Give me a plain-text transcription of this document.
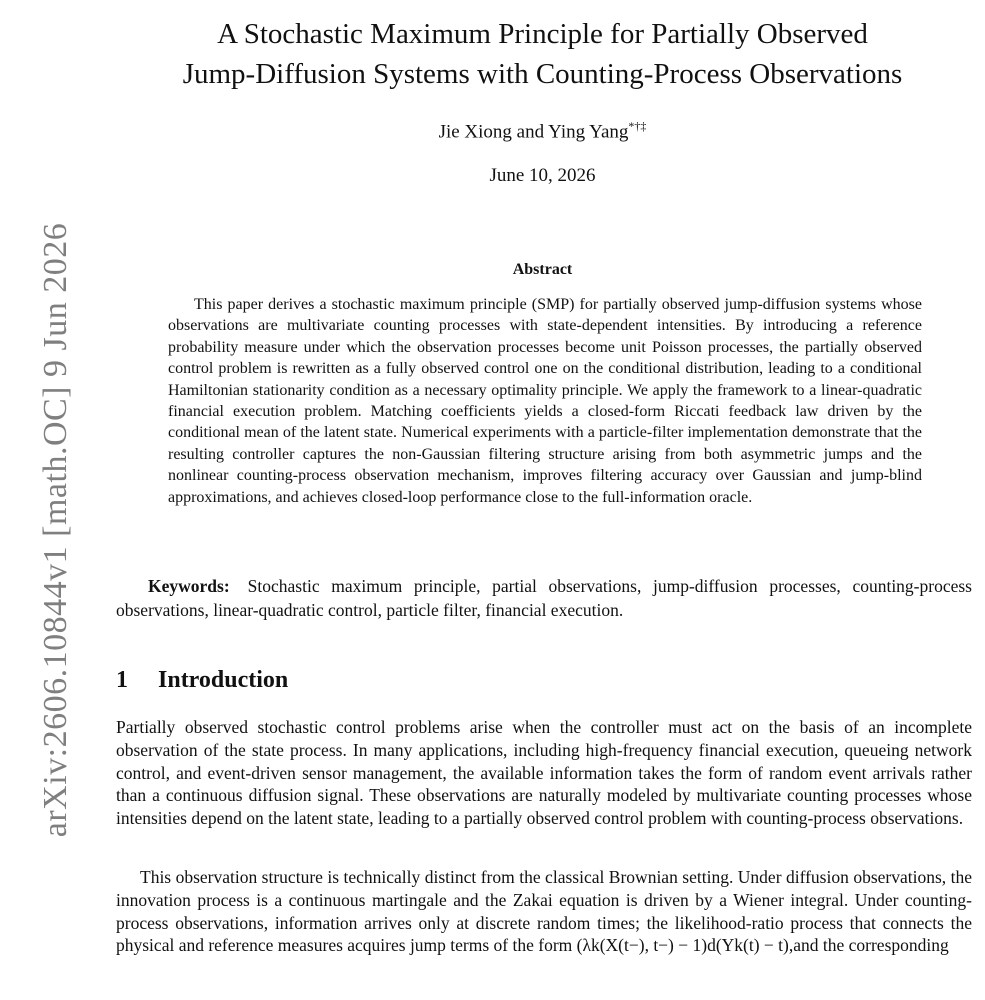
arXiv:2606.10844v1 [math.OC] 9 Jun 2026
A Stochastic Maximum Principle for Partially Observed
Jump-Diffusion Systems with Counting-Process Observations
Jie Xiong and Ying Yang*†‡
June 10, 2026
Abstract

This paper derives a stochastic maximum principle (SMP) for partially observed jump-diffusion systems whose observations are multivariate counting processes with state-dependent intensities. By introducing a reference probability measure under which the observation processes become unit Poisson processes, the partially observed control problem is rewritten as a fully observed control one on the conditional distribution, leading to a conditional Hamiltonian stationarity condition as a necessary optimality principle. We apply the framework to a linear-quadratic financial execution problem. Matching coefficients yields a closed-form Riccati feedback law driven by the conditional mean of the latent state. Numerical experiments with a particle-filter implementation demonstrate that the resulting controller captures the non-Gaussian filtering structure arising from both asymmetric jumps and the nonlinear counting-process observation mechanism, improves filtering accuracy over Gaussian and jump-blind approximations, and achieves closed-loop performance close to the full-information oracle.

Keywords: Stochastic maximum principle, partial observations, jump-diffusion processes, counting-process observations, linear-quadratic control, particle filter, financial execution.

1 Introduction

Partially observed stochastic control problems arise when the controller must act on the basis of an incomplete observation of the state process. In many applications, including high-frequency financial execution, queueing network control, and event-driven sensor management, the available information takes the form of random event arrivals rather than a continuous diffusion signal. These observations are naturally modeled by multivariate counting processes whose intensities depend on the latent state, leading to a partially observed control problem with counting-process observations.

This observation structure is technically distinct from the classical Brownian setting. Under diffusion observations, the innovation process is a continuous martingale and the Zakai equation is driven by a Wiener integral. Under counting-process observations, information arrives only at discrete random times; the likelihood-ratio process that connects the physical and reference measures acquires jump terms of the form (λk(X(t−), t−) − 1)d(Yk(t) − t),and the corresponding
